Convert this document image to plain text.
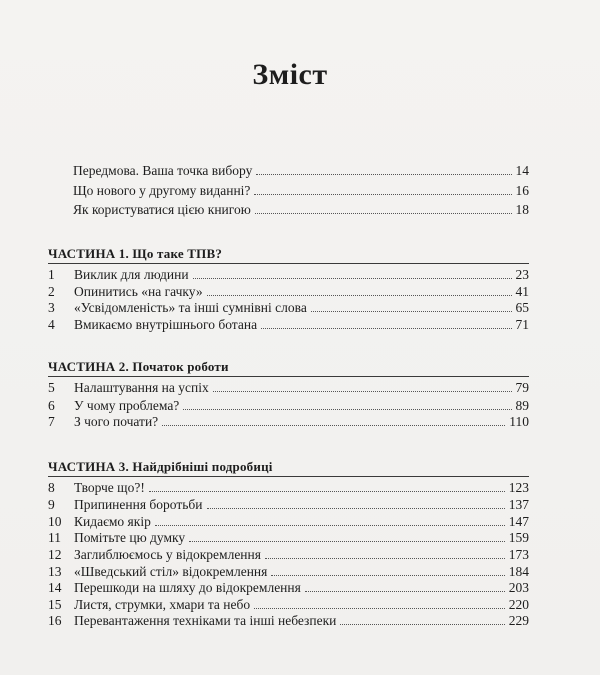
Зміст
Передмова. Ваша точка вибору	14
Що нового у другому виданні?	16
Як користуватися цією книгою	18
ЧАСТИНА 1. Що таке ТПВ?
1	Виклик для людини	23
2	Опинитись «на гачку»	41
3	«Усвідомленість» та інші сумнівні слова	65
4	Вмикаємо внутрішнього ботана	71
ЧАСТИНА 2. Початок роботи
5	Налаштування на успіх	79
6	У чому проблема?	89
7	З чого почати?	110
ЧАСТИНА 3. Найдрібніші подробиці
8	Творче що?!	123
9	Припинення боротьби	137
10 Кидаємо якір	147
11 Помітьте цю думку	159
12 Заглиблюємось у відокремлення	173
13 «Шведський стіл» відокремлення	184
14 Перешкоди на шляху до відокремлення	203
15 Листя, струмки, хмари та небо	220
16 Перевантаження техніками та інші небезпеки	229
